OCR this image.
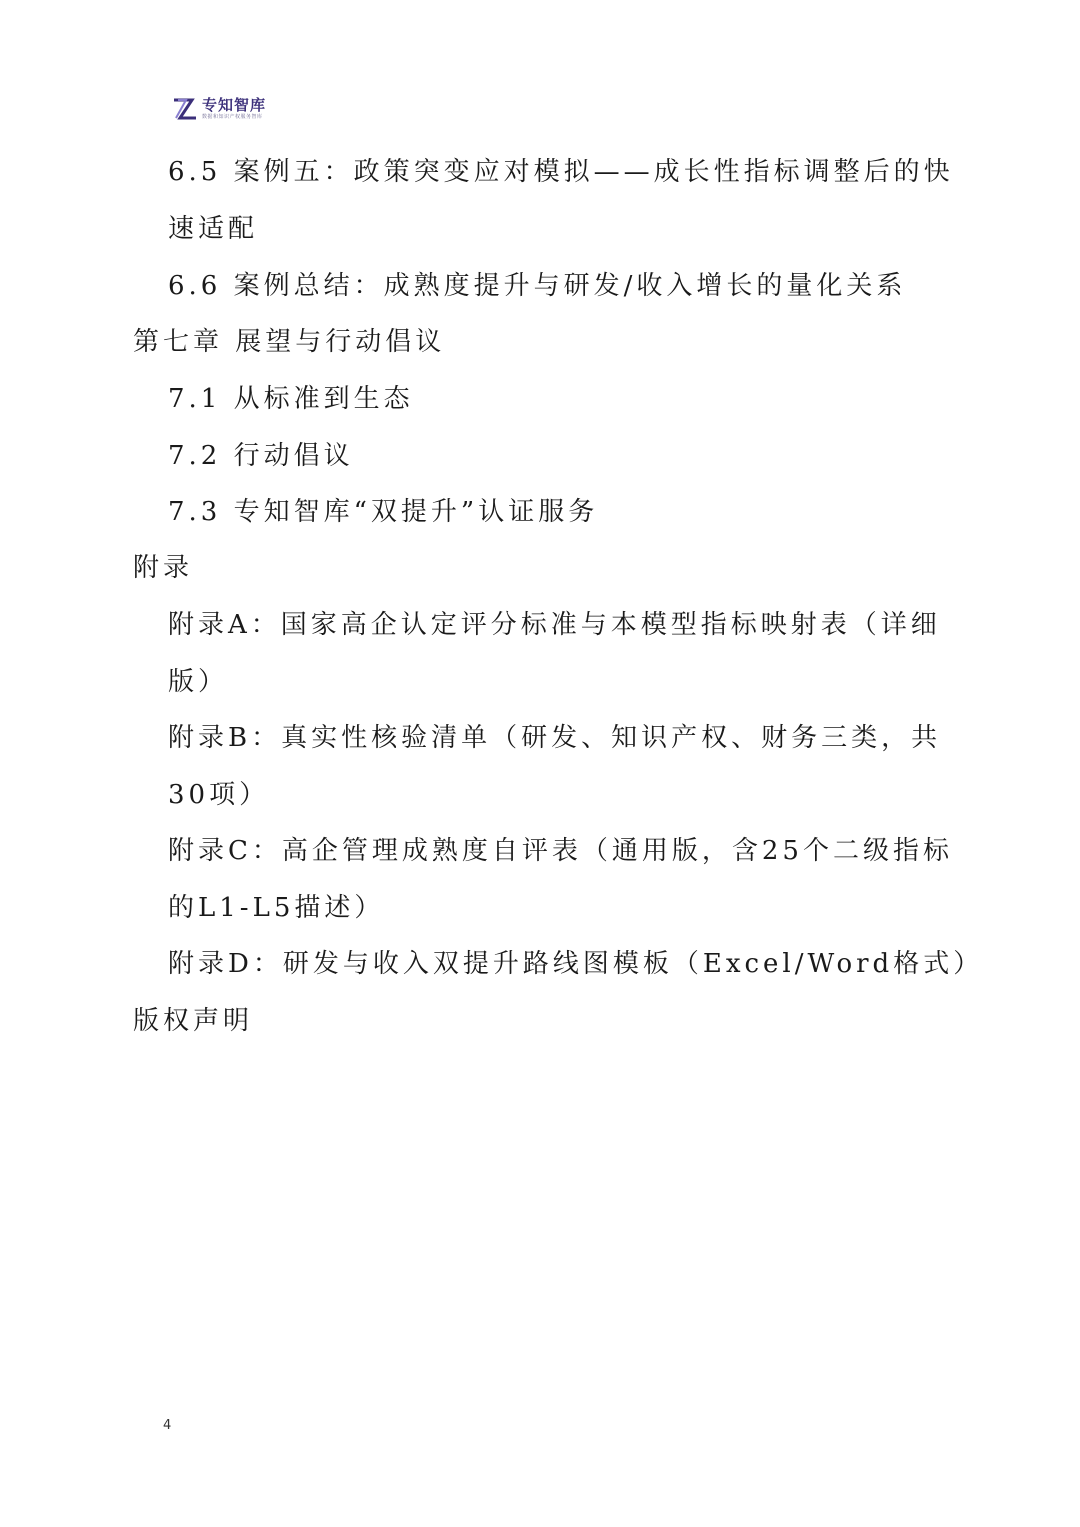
专知智库
数据和知识产权服务智库
6.5 案例五：政策突变应对模拟——成长性指标调整后的快
速适配
6.6 案例总结：成熟度提升与研发/收入增长的量化关系
第七章 展望与行动倡议
7.1 从标准到生态
7.2 行动倡议
7.3 专知智库“双提升”认证服务
附录
附录A：国家高企认定评分标准与本模型指标映射表（详细
版）
附录B：真实性核验清单（研发、知识产权、财务三类，共
30项）
附录C：高企管理成熟度自评表（通用版，含25个二级指标
的L1-L5描述）
附录D：研发与收入双提升路线图模板（Excel/Word格式）
版权声明
4
